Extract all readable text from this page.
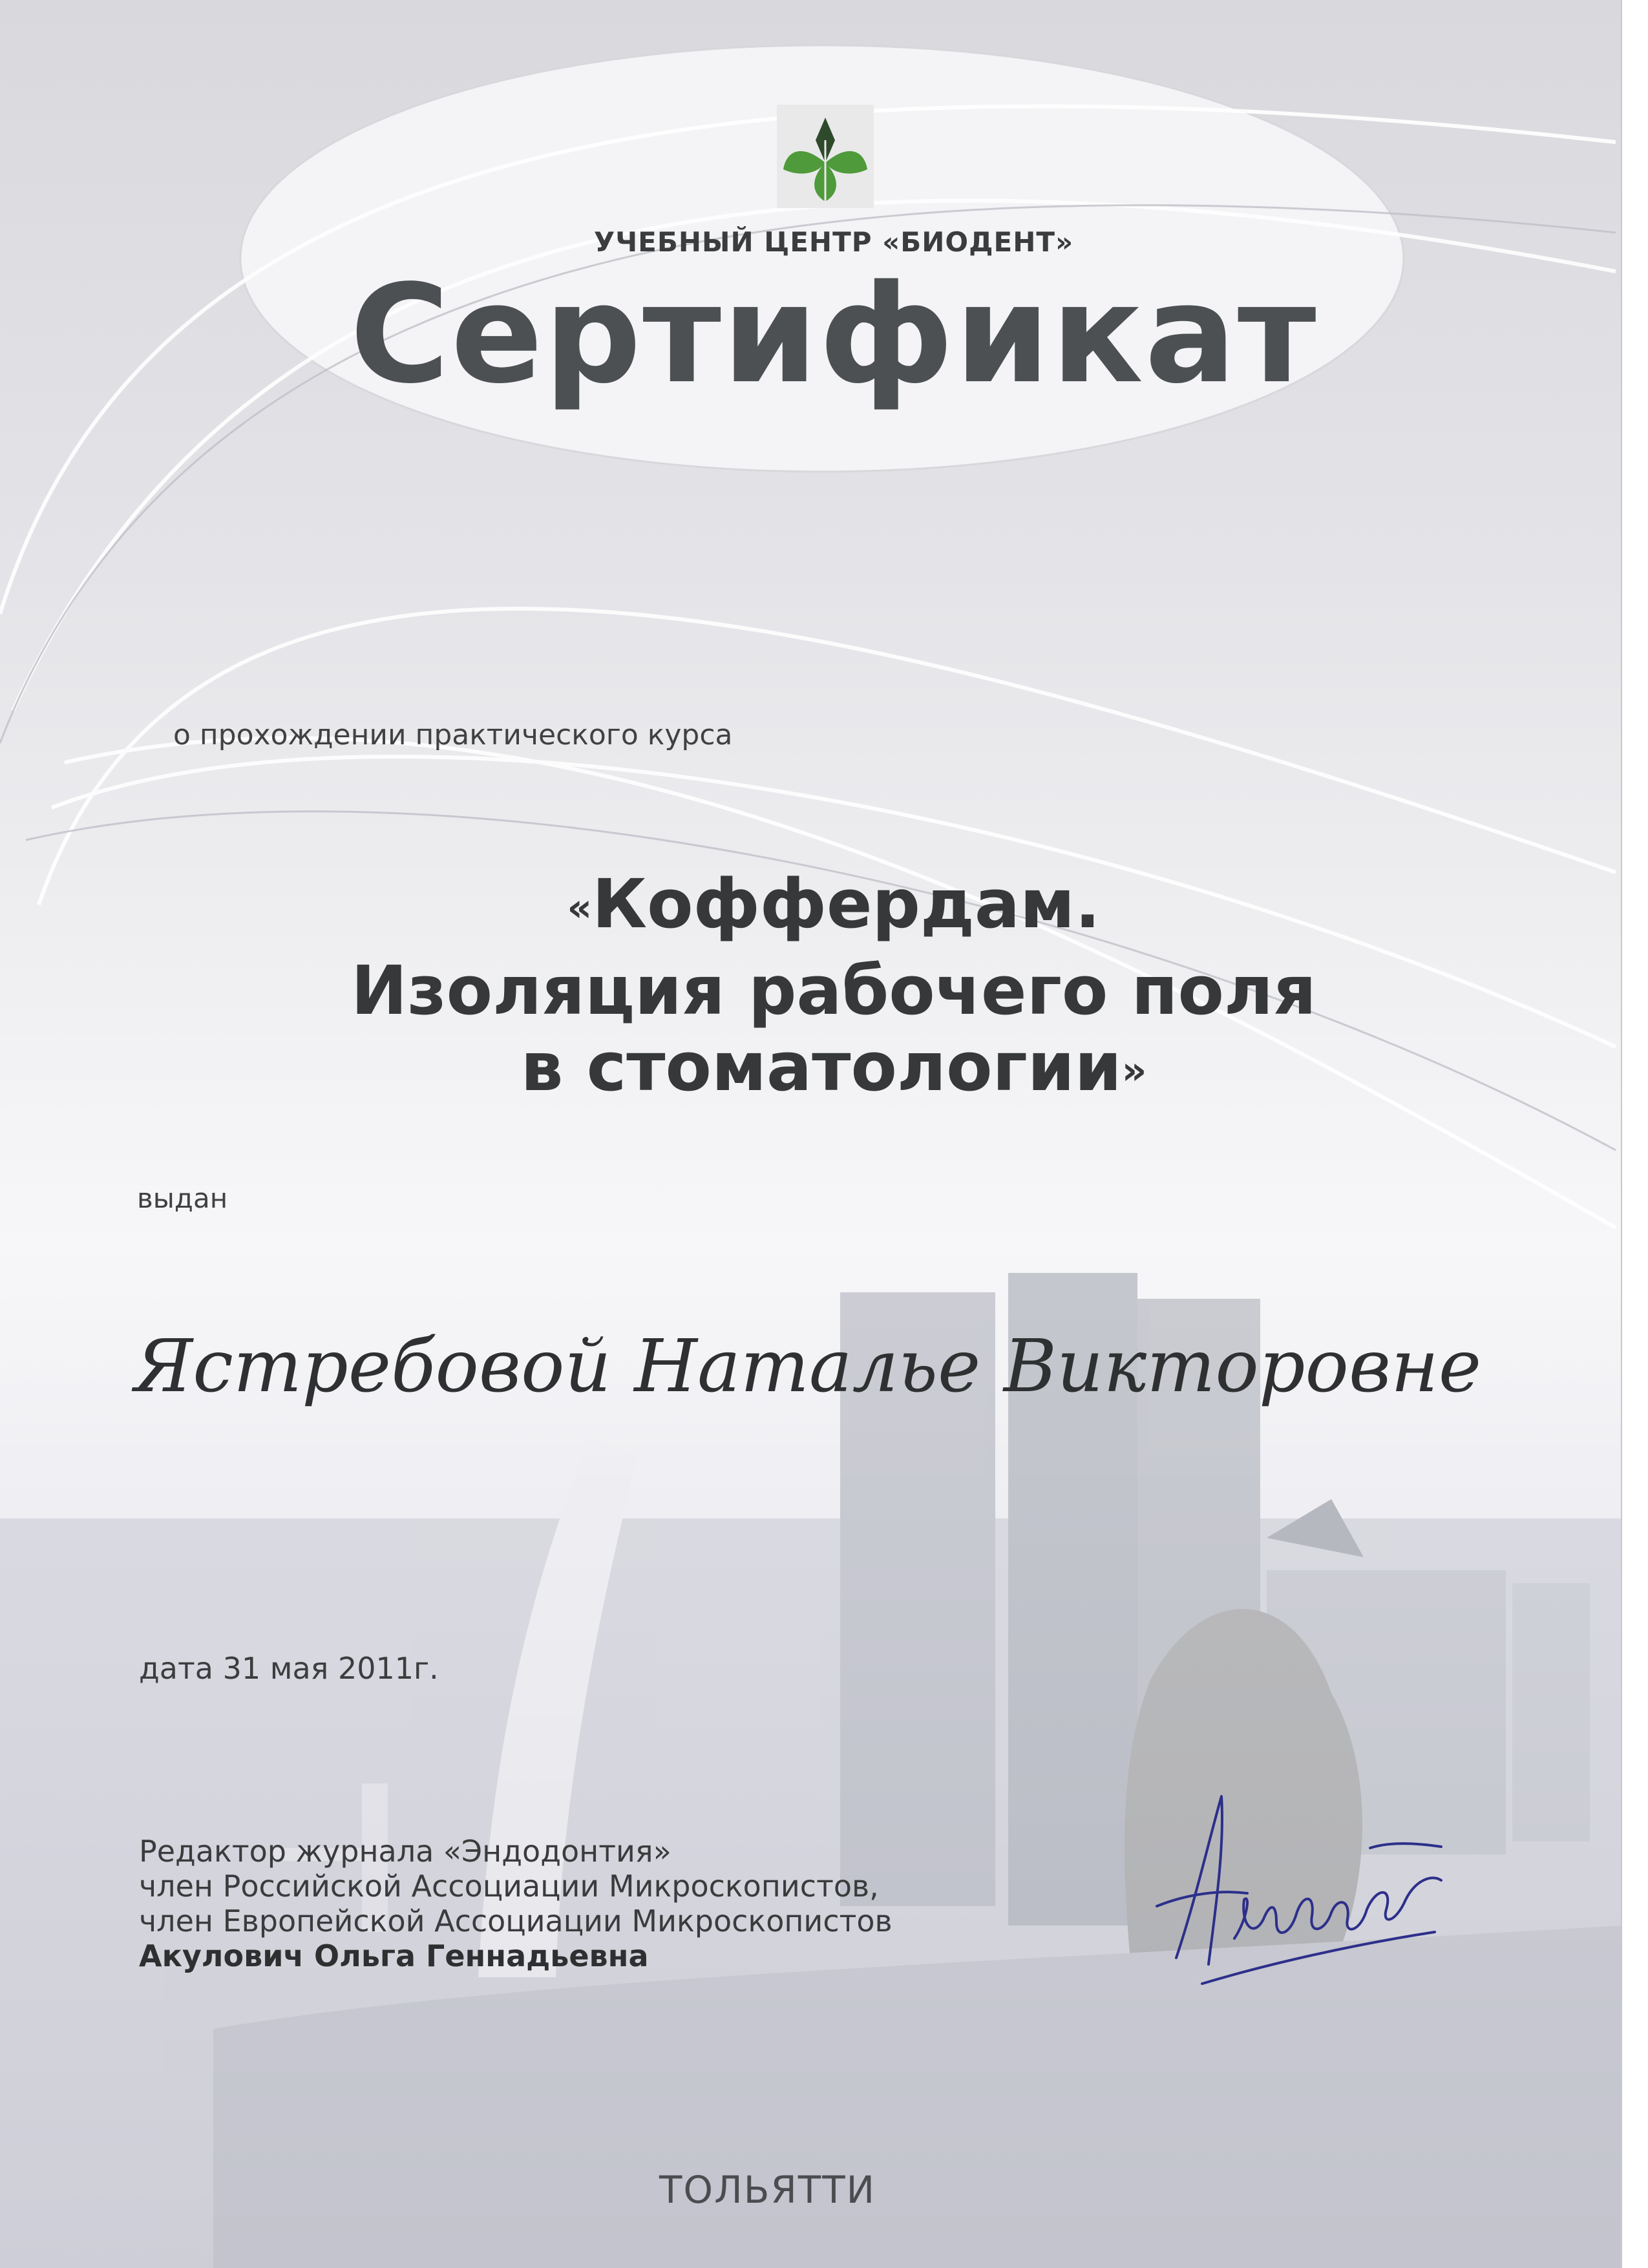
УЧЕБНЫЙ ЦЕНТР «БИОДЕНТ»
Сертификат
о прохождении практического курса
«Коффердам.
Изоляция рабочего поля
в стоматологии»
выдан
Ястребовой Наталье Викторовне
дата 31 мая 2011г.
Редактор журнала «Эндодонтия»
член Российской Ассоциации Микроскопистов,
член Европейской Ассоциации Микроскопистов
Акулович Ольга Геннадьевна
ТОЛЬЯТТИ
